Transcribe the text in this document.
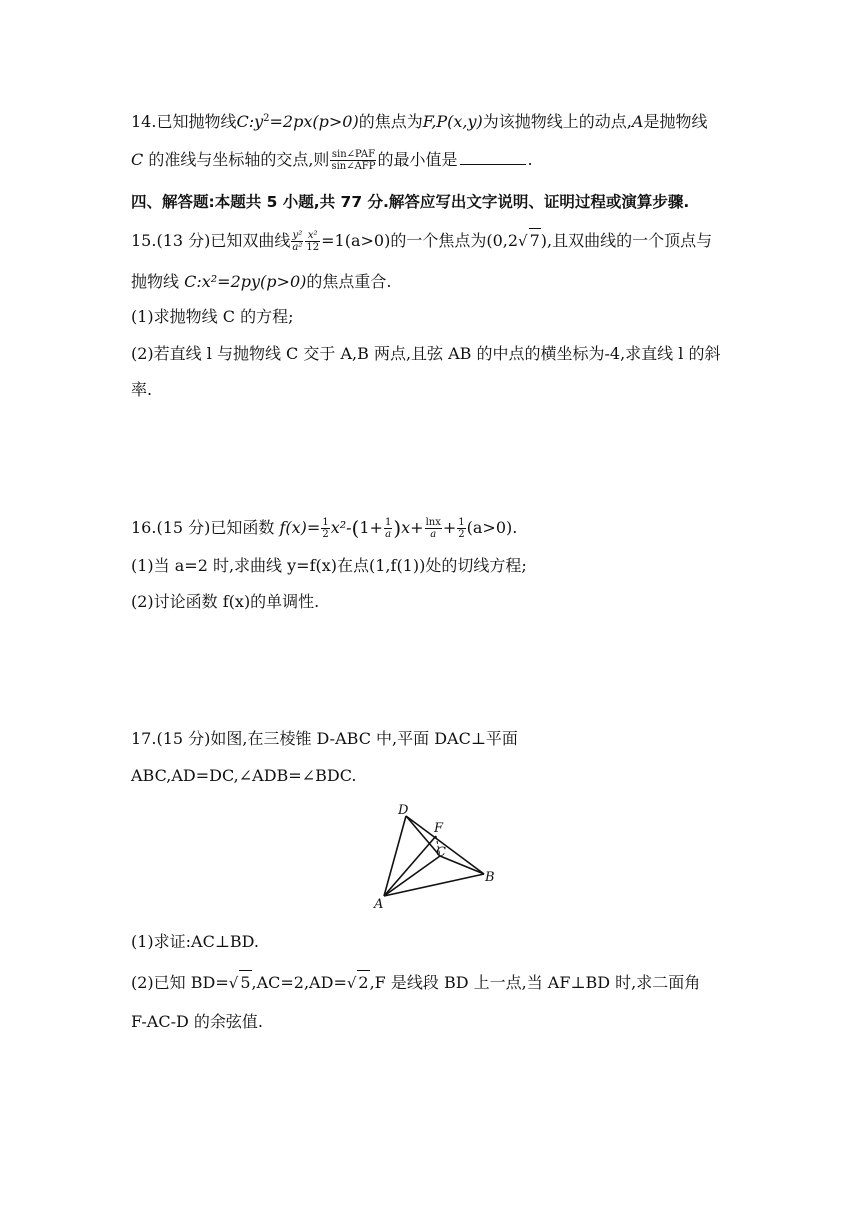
14.已知抛物线$C:y^2=2px(p>0)$的焦点为F,P(x,y)为该抛物线上的动点,A是抛物线
C 的准线与坐标轴的交点,则 $\frac{\text{sin∠PAF}}{\text{sin∠AFP}}$ 的最小值是	.
四、解答题:本题共 5 小题,共 77 分.解答应写出文字说明、证明过程或演算步骤.
15.(13 分)已知双曲线 $\frac{\text{y²}}{\text{a²}} \frac{\text{x²}}{12} =1(a>0)$的一个焦点为(0,2√ 7),且双曲线的一个顶点与
抛物线 C:x²=2py(p>0)的焦点重合.
(1)求抛物线 C 的方程;
(2)若直线 l 与抛物线 C 交于 A,B 两点,且弦 AB 的中点的横坐标为-4,求直线 l 的斜
率.
16.(15 分)已知函数 $f(x)= \frac{1}{2} x^2-(1+ \frac{1}{a} )x+ \frac{\ln x}{a} + \frac{1}{2} (a>0)$.
(1)当 a=2 时,求曲线 y=f(x)在点(1,f(1))处的切线方程;
(2)讨论函数 f(x)的单调性.
17.(15 分)如图,在三棱锥 D-ABC 中,平面 DAC⊥平面
ABC,AD=DC,∠ADB=∠BDC.
D
F
C
B
A
(1)求证:AC⊥BD.
(2)已知 BD=√ 5,AC=2,AD=√ 2,F 是线段 BD 上一点,当 AF⊥BD 时,求二面角
F-AC-D 的余弦值.
